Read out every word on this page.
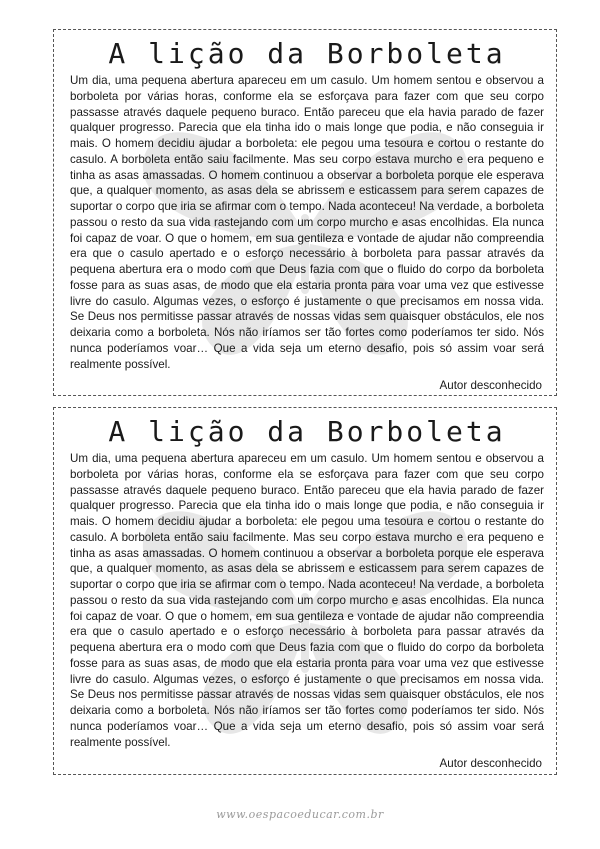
A lição da Borboleta

Um dia, uma pequena abertura apareceu em um casulo. Um homem sentou e observou a borboleta por várias horas, conforme ela se esforçava para fazer com que seu corpo passasse através daquele pequeno buraco. Então pareceu que ela havia parado de fazer qualquer progresso. Parecia que ela tinha ido o mais longe que podia, e não conseguia ir mais. O homem decidiu ajudar a borboleta: ele pegou uma tesoura e cortou o restante do casulo. A borboleta então saiu facilmente. Mas seu corpo estava murcho e era pequeno e tinha as asas amassadas. O homem continuou a observar a borboleta porque ele esperava que, a qualquer momento, as asas dela se abrissem e esticassem para serem capazes de suportar o corpo que iria se afirmar com o tempo. Nada aconteceu! Na verdade, a borboleta passou o resto da sua vida rastejando com um corpo murcho e asas encolhidas. Ela nunca foi capaz de voar. O que o homem, em sua gentileza e vontade de ajudar não compreendia era que o casulo apertado e o esforço necessário à borboleta para passar através da pequena abertura era o modo com que Deus fazia com que o fluido do corpo da borboleta fosse para as suas asas, de modo que ela estaria pronta para voar uma vez que estivesse livre do casulo. Algumas vezes, o esforço é justamente o que precisamos em nossa vida. Se Deus nos permitisse passar através de nossas vidas sem quaisquer obstáculos, ele nos deixaria como a borboleta. Nós não iríamos ser tão fortes como poderíamos ter sido. Nós nunca poderíamos voar… Que a vida seja um eterno desafio, pois só assim voar será realmente possível.

Autor desconhecido
A lição da Borboleta

Um dia, uma pequena abertura apareceu em um casulo. Um homem sentou e observou a borboleta por várias horas, conforme ela se esforçava para fazer com que seu corpo passasse através daquele pequeno buraco. Então pareceu que ela havia parado de fazer qualquer progresso. Parecia que ela tinha ido o mais longe que podia, e não conseguia ir mais. O homem decidiu ajudar a borboleta: ele pegou uma tesoura e cortou o restante do casulo. A borboleta então saiu facilmente. Mas seu corpo estava murcho e era pequeno e tinha as asas amassadas. O homem continuou a observar a borboleta porque ele esperava que, a qualquer momento, as asas dela se abrissem e esticassem para serem capazes de suportar o corpo que iria se afirmar com o tempo. Nada aconteceu! Na verdade, a borboleta passou o resto da sua vida rastejando com um corpo murcho e asas encolhidas. Ela nunca foi capaz de voar. O que o homem, em sua gentileza e vontade de ajudar não compreendia era que o casulo apertado e o esforço necessário à borboleta para passar através da pequena abertura era o modo com que Deus fazia com que o fluido do corpo da borboleta fosse para as suas asas, de modo que ela estaria pronta para voar uma vez que estivesse livre do casulo. Algumas vezes, o esforço é justamente o que precisamos em nossa vida. Se Deus nos permitisse passar através de nossas vidas sem quaisquer obstáculos, ele nos deixaria como a borboleta. Nós não iríamos ser tão fortes como poderíamos ter sido. Nós nunca poderíamos voar… Que a vida seja um eterno desafio, pois só assim voar será realmente possível.

Autor desconhecido
www.oespacoeducar.com.br
